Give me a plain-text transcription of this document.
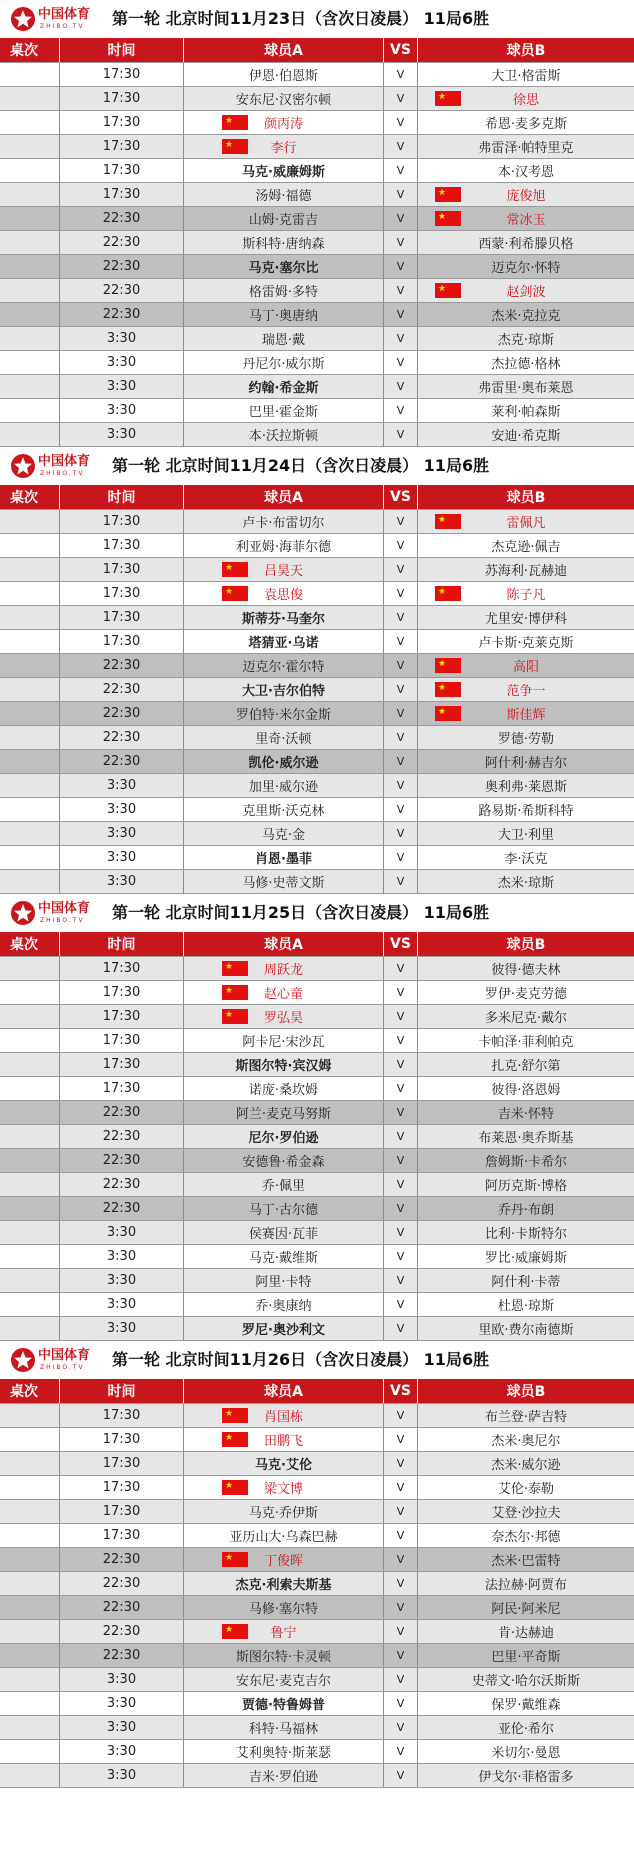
中国体育
ZHIBO.TV 第一轮 北京时间11月23日（含次日凌晨） 11局6胜
桌次	时间	球员A	VS	球员B
17:30	伊恩·伯恩斯	V	大卫·格雷斯
17:30	安东尼·汉密尔顿	V	★	徐思
17:30	★ 颜丙涛	V	希恩·麦多克斯
17:30	★	李行	V	弗雷泽·帕特里克
17:30	马克·威廉姆斯	V	本·汉考恩
17:30	汤姆·福德	V	★	庞俊旭
22:30	山姆·克雷吉	V	★	常冰玉
22:30	斯科特·唐纳森	V	西蒙·利希滕贝格
22:30	马克·塞尔比	V	迈克尔·怀特
22:30	格雷姆·多特	V	★	赵剑波
22:30	马丁·奥唐纳	V	杰米·克拉克
3:30	瑞恩·戴	V	杰克·琼斯
3:30	丹尼尔·威尔斯	V	杰拉德·格林
3:30	约翰·希金斯	V	弗雷里·奥布莱恩
3:30	巴里·霍金斯	V	莱利·帕森斯
3:30	本·沃拉斯顿	V	安迪·希克斯
中国体育
ZHIBO.TV 第一轮 北京时间11月24日（含次日凌晨） 11局6胜
桌次	时间	球员A	VS	球员B
17:30	卢卡·布雷切尔	V	★	雷佩凡
17:30	利亚姆·海菲尔德	V	杰克逊·佩吉
17:30	★ 吕昊天	V	苏海利·瓦赫迪
17:30	★ 袁思俊	V	★	陈子凡
17:30	斯蒂芬·马奎尔	V	尤里安·博伊科
17:30	塔猜亚·乌诺	V	卢卡斯·克莱克斯
22:30	迈克尔·霍尔特	V	★	高阳
22:30	大卫·吉尔伯特	V	★	范争一
22:30	罗伯特·米尔金斯	V	★	斯佳辉
22:30	里奇·沃顿	V	罗德·劳勒
22:30	凯伦·威尔逊	V	阿什利·赫吉尔
3:30	加里·威尔逊	V	奥利弗·莱恩斯
3:30	克里斯·沃克林	V	路易斯·希斯科特
3:30	马克·金	V	大卫·利里
3:30	肖恩·墨菲	V	李·沃克
3:30	马修·史蒂文斯	V	杰米·琼斯
中国体育
ZHIBO.TV 第一轮 北京时间11月25日（含次日凌晨） 11局6胜
桌次	时间	球员A	VS	球员B
17:30	★ 周跃龙	V	彼得·德夫林
17:30	★ 赵心童	V	罗伊·麦克劳德
17:30	★ 罗弘昊	V	多米尼克·戴尔
17:30	阿卡尼·宋沙瓦	V	卡帕泽·菲利帕克
17:30	斯图尔特·宾汉姆	V	扎克·舒尔第
17:30	诺庞·桑坎姆	V	彼得·洛恩姆
22:30	阿兰·麦克马努斯	V	吉米·怀特
22:30	尼尔·罗伯逊	V	布莱恩·奥乔斯基
22:30	安德鲁·希金森	V	詹姆斯·卡希尔
22:30	乔·佩里	V	阿历克斯·博格
22:30	马丁·古尔德	V	乔丹·布朗
3:30	侯赛因·瓦菲	V	比利·卡斯特尔
3:30	马克·戴维斯	V	罗比·威廉姆斯
3:30	阿里·卡特	V	阿什利·卡蒂
3:30	乔·奥康纳	V	杜恩·琼斯
3:30	罗尼·奥沙利文	V	里欧·费尔南德斯
中国体育
ZHIBO.TV 第一轮 北京时间11月26日（含次日凌晨） 11局6胜
桌次	时间	球员A	VS	球员B
17:30	★ 肖国栋	V	布兰登·萨吉特
17:30	★ 田鹏飞	V	杰米·奥尼尔
17:30	马克·艾伦	V	杰米·威尔逊
17:30	★ 梁文博	V	艾伦·泰勒
17:30	马克·乔伊斯	V	艾登·沙拉夫
17:30	亚历山大·乌森巴赫	V	奈杰尔·邦德
22:30	★ 丁俊晖	V	杰米·巴雷特
22:30	杰克·利索夫斯基	V	法拉赫·阿贾布
22:30	马修·塞尔特	V	阿民·阿米尼
22:30	★	鲁宁	V	肯·达赫迪
22:30	斯图尔特·卡灵顿	V	巴里·平奇斯
3:30	安东尼·麦克吉尔	V	史蒂文·哈尔沃斯斯
3:30	贾德·特鲁姆普	V	保罗·戴维森
3:30	科特·马福林	V	亚伦·希尔
3:30	艾利奥特·斯莱瑟	V	米切尔·曼恩
3:30	吉米·罗伯逊	V	伊戈尔·菲格雷多
